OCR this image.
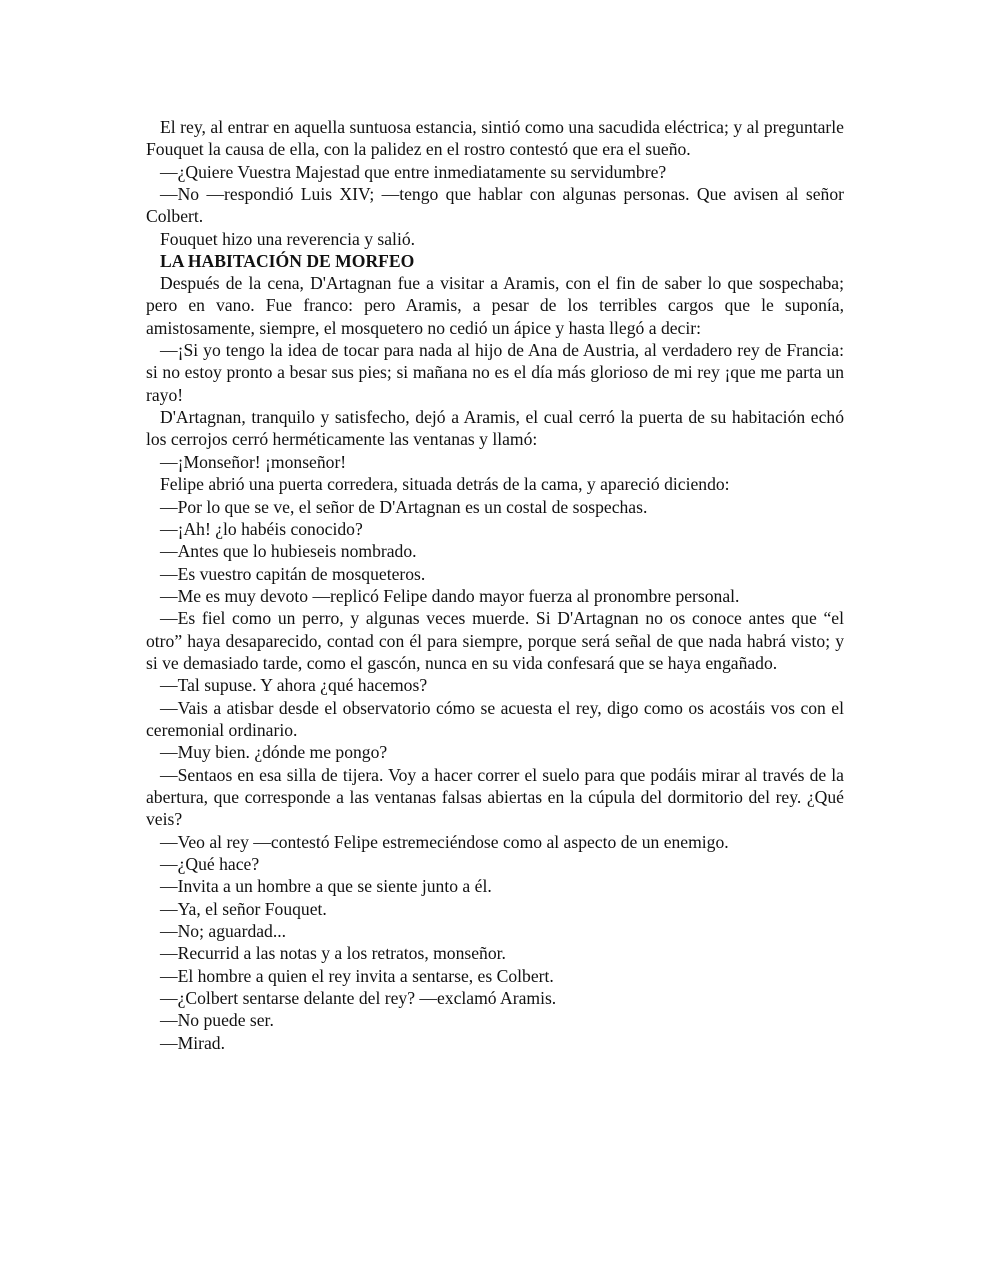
El rey, al entrar en aquella suntuosa estancia, sintió como una sacudida eléctrica; y al preguntarle Fouquet la causa de ella, con la palidez en el rostro contestó que era el sueño.

—¿Quiere Vuestra Majestad que entre inmediatamente su servidumbre?

—No —respondió Luis XIV; —tengo que hablar con algunas personas. Que avisen al señor Colbert.

Fouquet hizo una reverencia y salió.

LA HABITACIÓN DE MORFEO

Después de la cena, D'Artagnan fue a visitar a Aramis, con el fin de saber lo que sospechaba; pero en vano. Fue franco: pero Aramis, a pesar de los terribles cargos que le suponía, amistosamente, siempre, el mosquetero no cedió un ápice y hasta llegó a decir:

—¡Si yo tengo la idea de tocar para nada al hijo de Ana de Austria, al verdadero rey de Francia: si no estoy pronto a besar sus pies; si mañana no es el día más glorioso de mi rey ¡que me parta un rayo!

D'Artagnan, tranquilo y satisfecho, dejó a Aramis, el cual cerró la puerta de su habitación echó los cerrojos cerró herméticamente las ventanas y llamó:

—¡Monseñor! ¡monseñor!

Felipe abrió una puerta corredera, situada detrás de la cama, y apareció diciendo:

—Por lo que se ve, el señor de D'Artagnan es un costal de sospechas.

—¡Ah! ¿lo habéis conocido?

—Antes que lo hubieseis nombrado.

—Es vuestro capitán de mosqueteros.

—Me es muy devoto —replicó Felipe dando mayor fuerza al pronombre personal.

—Es fiel como un perro, y algunas veces muerde. Si D'Artagnan no os conoce antes que “el otro” haya desaparecido, contad con él para siempre, porque será señal de que nada habrá visto; y si ve demasiado tarde, como el gascón, nunca en su vida confesará que se haya engañado.

—Tal supuse. Y ahora ¿qué hacemos?

—Vais a atisbar desde el observatorio cómo se acuesta el rey, digo como os acostáis vos con el ceremonial ordinario.

—Muy bien. ¿dónde me pongo?

—Sentaos en esa silla de tijera. Voy a hacer correr el suelo para que podáis mirar al través de la abertura, que corresponde a las ventanas falsas abiertas en la cúpula del dormitorio del rey. ¿Qué veis?

—Veo al rey —contestó Felipe estremeciéndose como al aspecto de un enemigo.

—¿Qué hace?

—Invita a un hombre a que se siente junto a él.

—Ya, el señor Fouquet.

—No; aguardad...

—Recurrid a las notas y a los retratos, monseñor.

—El hombre a quien el rey invita a sentarse, es Colbert.

—¿Colbert sentarse delante del rey? —exclamó Aramis.

—No puede ser.

—Mirad.
